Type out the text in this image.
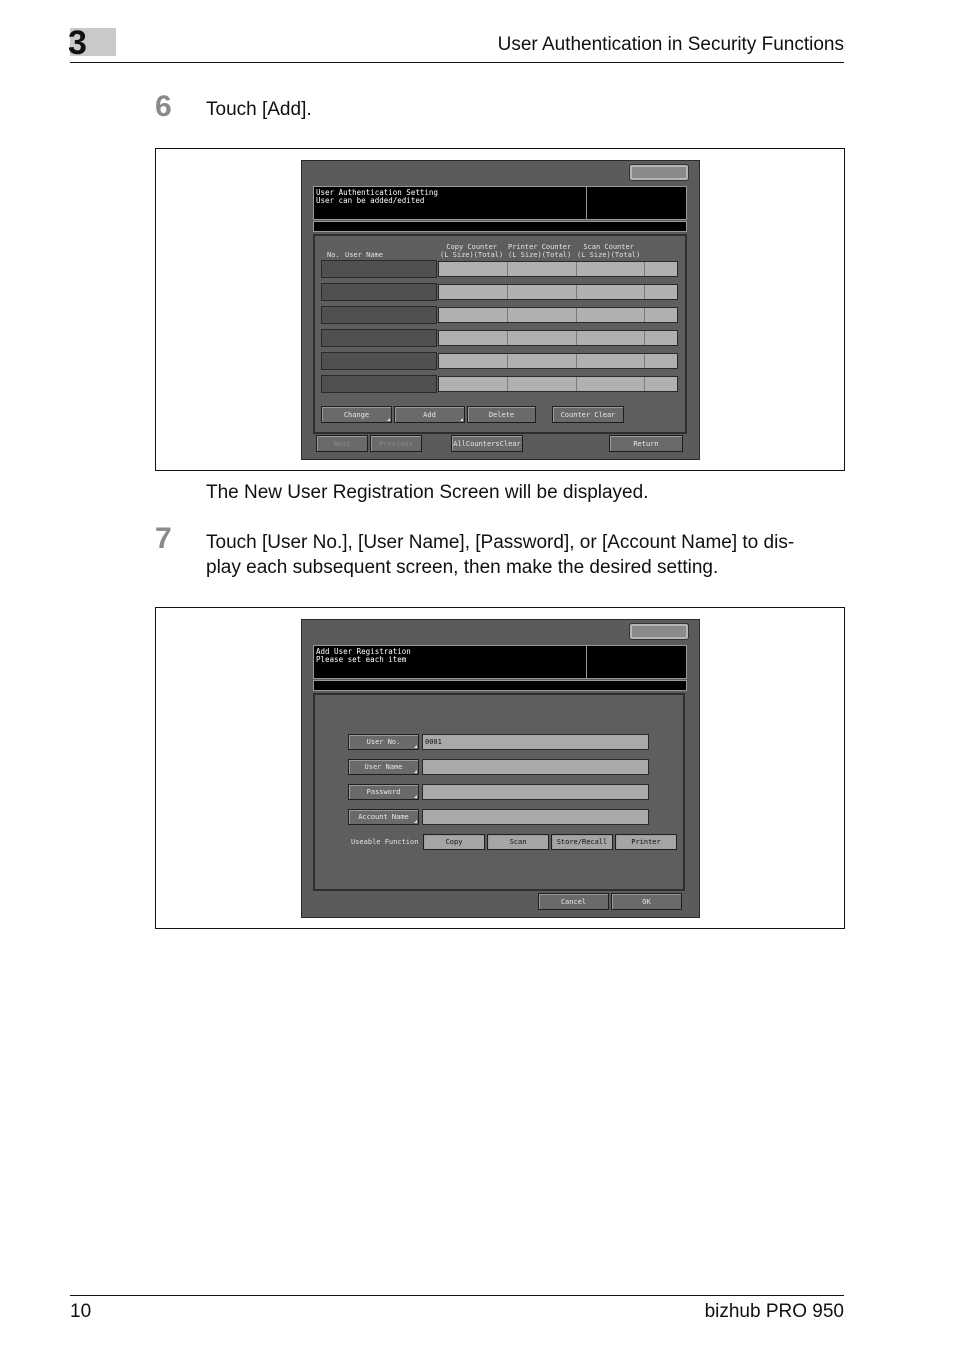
3	User Authentication in Security Functions
6 Touch [Add].
User Authentication Setting
User can be added/edited
No. User Name
Copy Counter
(L Size)(Total)
Printer Counter
(L Size)(Total)
Scan Counter
(L Size)(Total)
Change	Add	Delete	Counter Clear
Next	Previous	AllCountersClear	Return
The New User Registration Screen will be displayed.
7 Touch [User No.], [User Name], [Password], or [Account Name] to dis-
play each subsequent screen, then make the desired setting.
Add User Registration
Please set each item
User No.	0001
User Name
Password
Account Name
Useable Function	Copy	Scan	Store/Recall	Printer
Cancel	OK
10	bizhub PRO 950
